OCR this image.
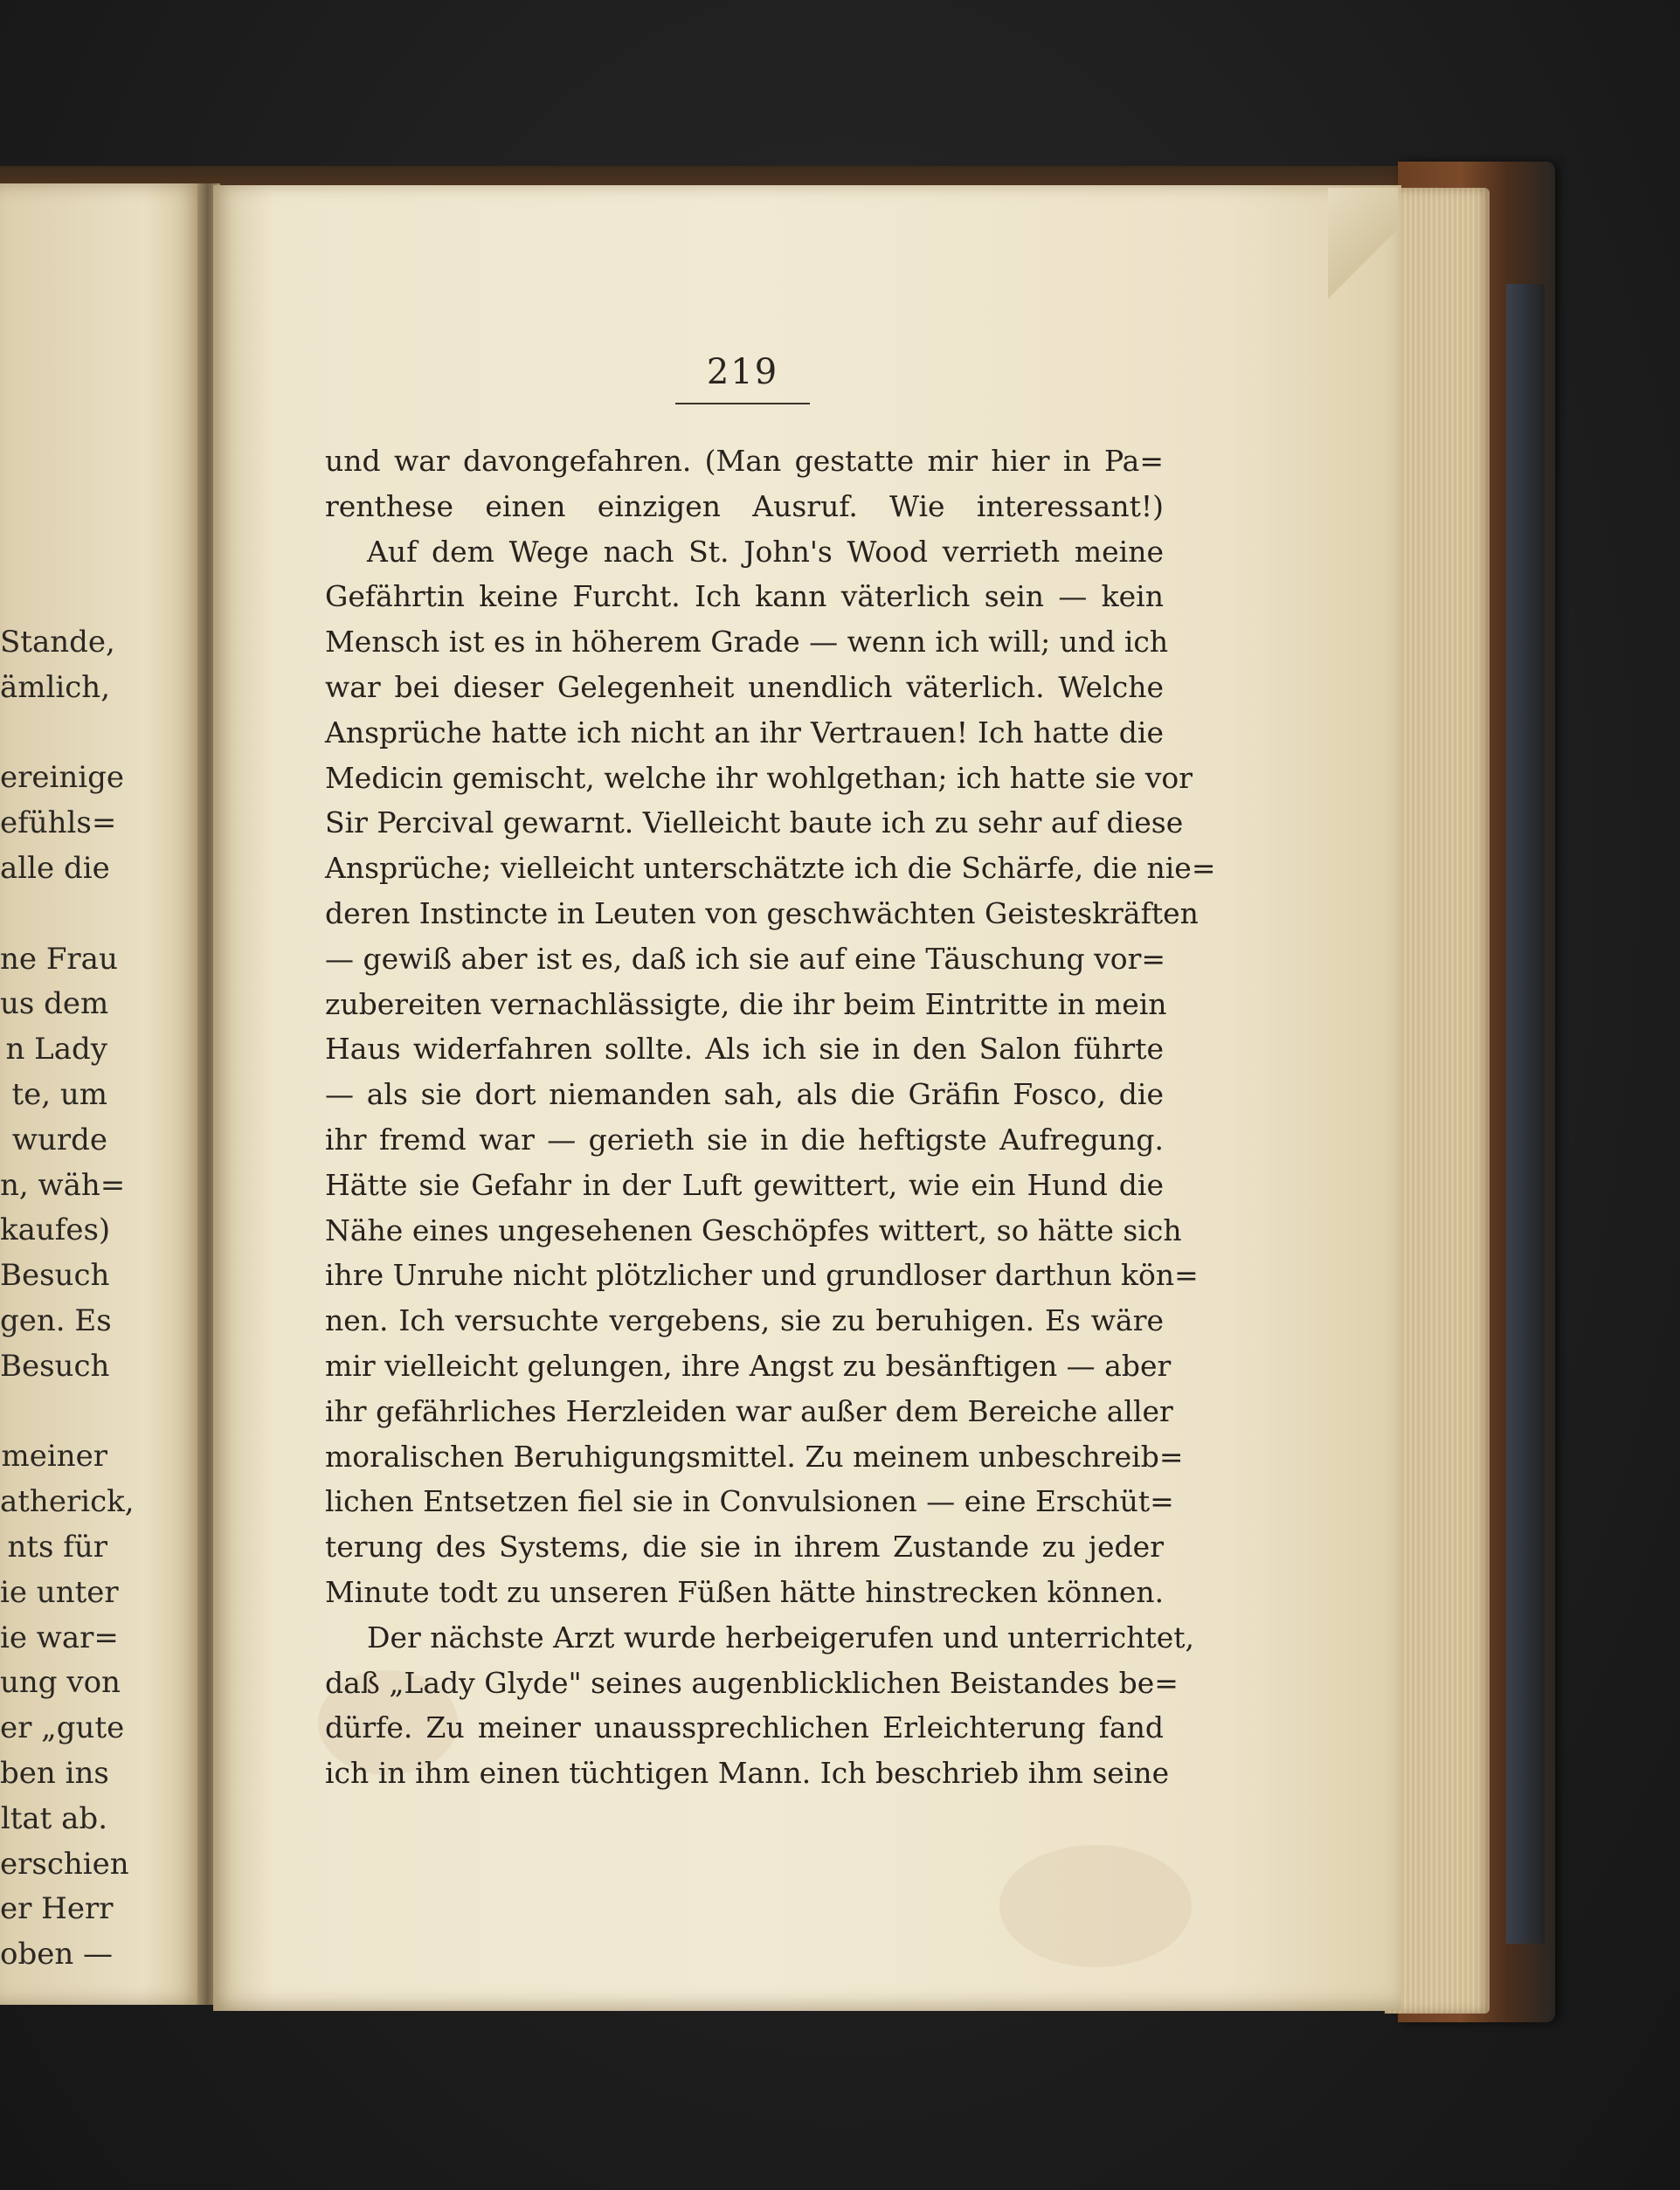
Stande,
ämlich,
ereinige
efühls=
alle die
ne Frau
us dem
n Lady
te, um
wurde
n, wäh=
kaufes)
Besuch
gen. Es
Besuch
meiner
atherick,
nts für
ie unter
ie war=
ung von
er „gute
ben ins
ltat ab.
erschien
er Herr
oben —
219
und war davongefahren. (Man gestatte mir hier in Pa=
renthese einen einzigen Ausruf. Wie interessant!)
Auf dem Wege nach St. John's Wood verrieth meine
Gefährtin keine Furcht. Ich kann väterlich sein — kein
Mensch ist es in höherem Grade — wenn ich will; und ich
war bei dieser Gelegenheit unendlich väterlich. Welche
Ansprüche hatte ich nicht an ihr Vertrauen! Ich hatte die
Medicin gemischt, welche ihr wohlgethan; ich hatte sie vor
Sir Percival gewarnt. Vielleicht baute ich zu sehr auf diese
Ansprüche; vielleicht unterschätzte ich die Schärfe, die nie=
deren Instincte in Leuten von geschwächten Geisteskräften
— gewiß aber ist es, daß ich sie auf eine Täuschung vor=
zubereiten vernachlässigte, die ihr beim Eintritte in mein
Haus widerfahren sollte. Als ich sie in den Salon führte
— als sie dort niemanden sah, als die Gräfin Fosco, die
ihr fremd war — gerieth sie in die heftigste Aufregung.
Hätte sie Gefahr in der Luft gewittert, wie ein Hund die
Nähe eines ungesehenen Geschöpfes wittert, so hätte sich
ihre Unruhe nicht plötzlicher und grundloser darthun kön=
nen. Ich versuchte vergebens, sie zu beruhigen. Es wäre
mir vielleicht gelungen, ihre Angst zu besänftigen — aber
ihr gefährliches Herzleiden war außer dem Bereiche aller
moralischen Beruhigungsmittel. Zu meinem unbeschreib=
lichen Entsetzen fiel sie in Convulsionen — eine Erschüt=
terung des Systems, die sie in ihrem Zustande zu jeder
Minute todt zu unseren Füßen hätte hinstrecken können.
Der nächste Arzt wurde herbeigerufen und unterrichtet,
daß „Lady Glyde" seines augenblicklichen Beistandes be=
dürfe. Zu meiner unaussprechlichen Erleichterung fand
ich in ihm einen tüchtigen Mann. Ich beschrieb ihm seine
